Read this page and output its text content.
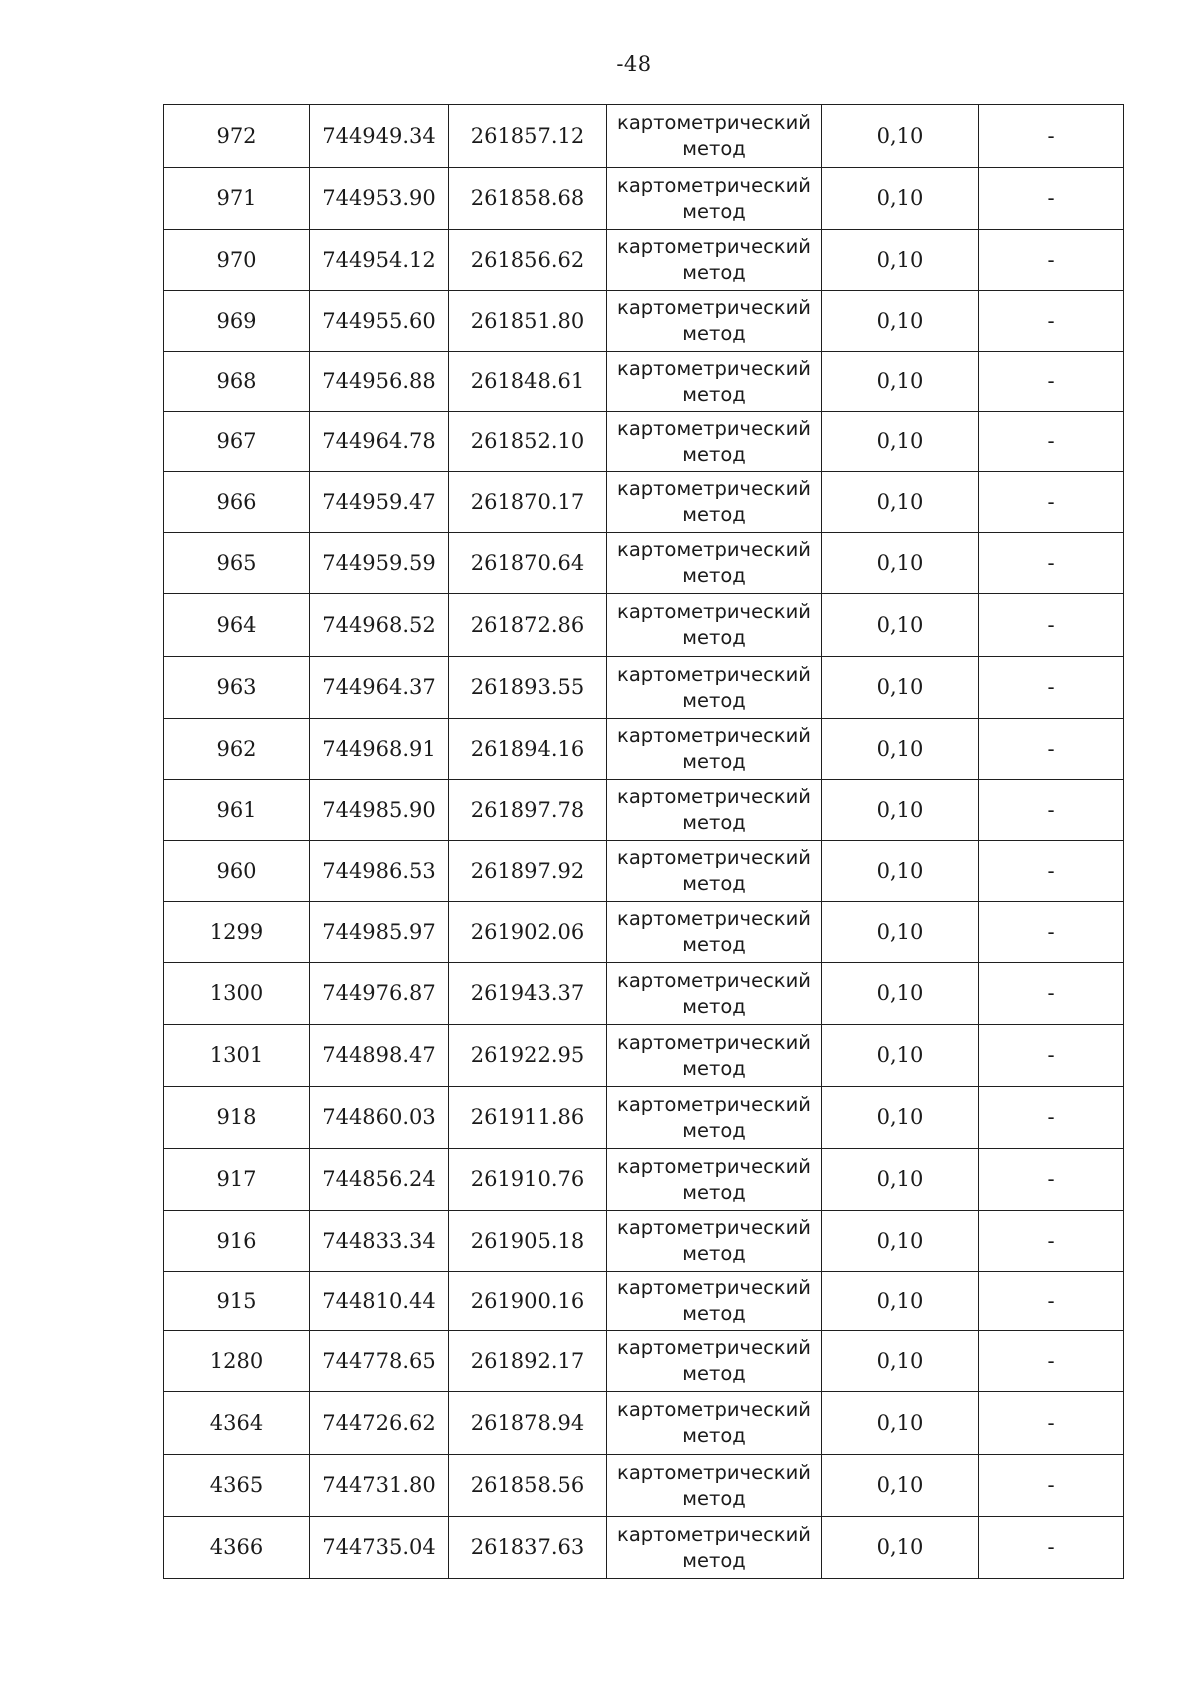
-48
972	744949.34	261857.12	картометрический
метод	0,10	-
971	744953.90	261858.68	картометрический
метод	0,10	-
970	744954.12	261856.62	картометрический
метод	0,10	-
969	744955.60	261851.80	картометрический
метод	0,10	-
968	744956.88	261848.61	картометрический
метод	0,10	-
967	744964.78	261852.10	картометрический
метод	0,10	-
966	744959.47	261870.17	картометрический
метод	0,10	-
965	744959.59	261870.64	картометрический
метод	0,10	-
964	744968.52	261872.86	картометрический
метод	0,10	-
963	744964.37	261893.55	картометрический
метод	0,10	-
962	744968.91	261894.16	картометрический
метод	0,10	-
961	744985.90	261897.78	картометрический
метод	0,10	-
960	744986.53	261897.92	картометрический
метод	0,10	-
1299	744985.97	261902.06	картометрический
метод	0,10	-
1300	744976.87	261943.37	картометрический
метод	0,10	-
1301	744898.47	261922.95	картометрический
метод	0,10	-
918	744860.03	261911.86	картометрический
метод	0,10	-
917	744856.24	261910.76	картометрический
метод	0,10	-
916	744833.34	261905.18	картометрический
метод	0,10	-
915	744810.44	261900.16	картометрический
метод	0,10	-
1280	744778.65	261892.17	картометрический
метод	0,10	-
4364	744726.62	261878.94	картометрический
метод	0,10	-
4365	744731.80	261858.56	картометрический
метод	0,10	-
4366	744735.04	261837.63	картометрический
метод	0,10	-
